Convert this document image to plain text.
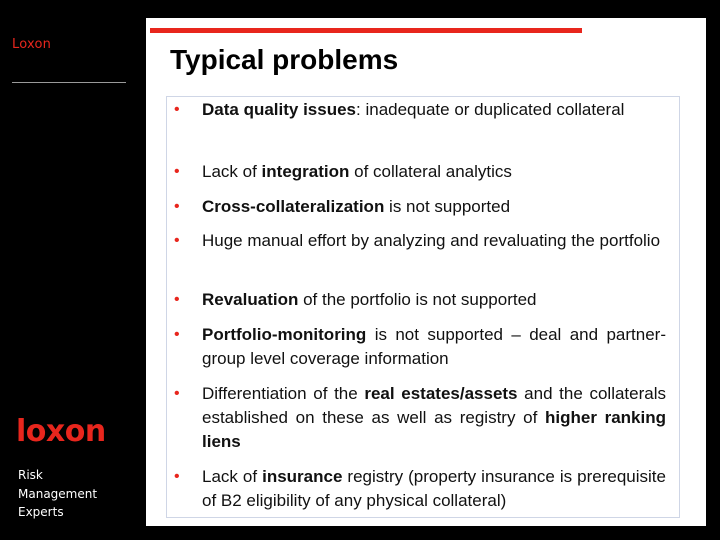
Loxon	Typical problems
• Data quality issues: inadequate or duplicated collateral
• Lack of integration of collateral analytics
• Cross-collateralization is not supported
• Huge manual effort by analyzing and revaluating the portfolio
• Revaluation of the portfolio is not supported
• Portfolio-monitoring is not supported – deal and partner-group level coverage information
• Differentiation of the real estates/assets and the collaterals established on these as well as registry of higher ranking liens
• Lack of insurance registry (property insurance is prerequisite of B2 eligibility of any physical collateral)
loxon
Risk
Management
Experts
